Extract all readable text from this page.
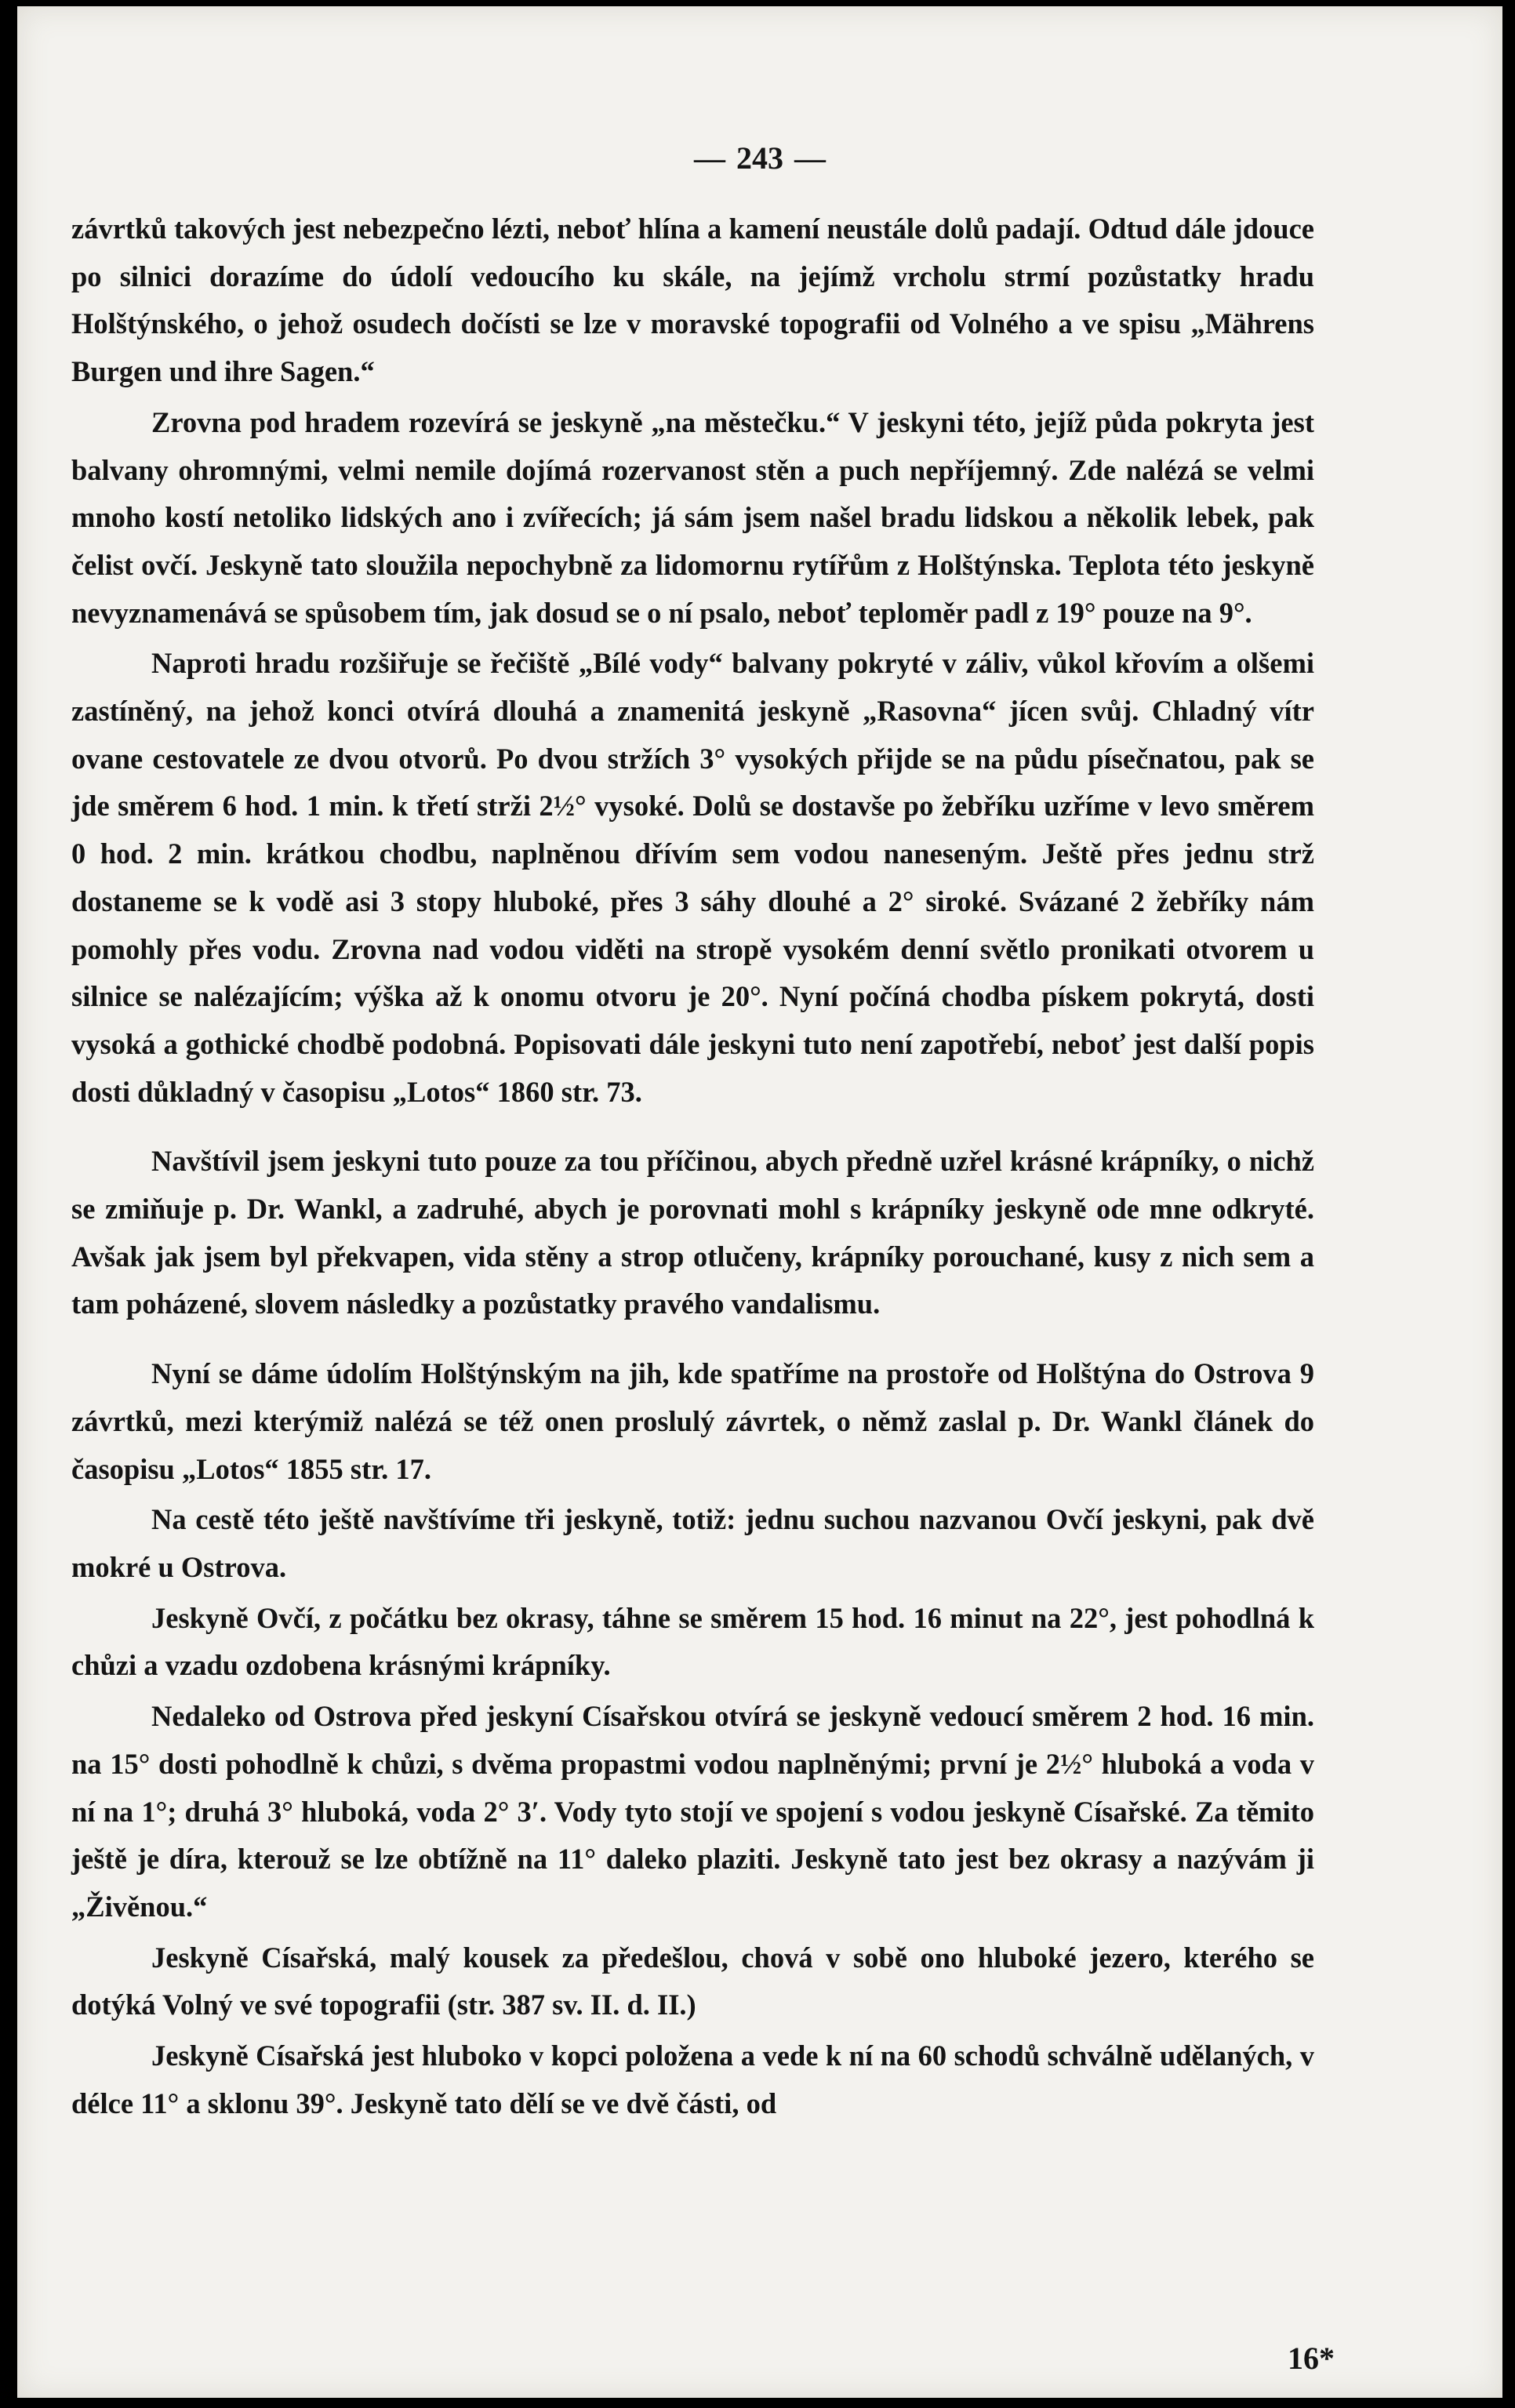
— 243 —

závrtků takových jest nebezpečno lézti, neboť hlína a kamení neustále dolů padají. Odtud dále jdouce po silnici dorazíme do údolí vedoucího ku skále, na jejímž vrcholu strmí pozůstatky hradu Holštýnského, o jehož osudech dočísti se lze v moravské topografii od Volného a ve spisu „Mährens Burgen und ihre Sagen.“

Zrovna pod hradem rozevírá se jeskyně „na městečku.“ V jeskyni této, jejíž půda pokryta jest balvany ohromnými, velmi nemile dojímá rozervanost stěn a puch nepříjemný. Zde nalézá se velmi mnoho kostí netoliko lidských ano i zvířecích; já sám jsem našel bradu lidskou a několik lebek, pak čelist ovčí. Jeskyně tato sloužila nepochybně za lidomornu rytířům z Holštýnska. Teplota této jeskyně nevyznamenává se spůsobem tím, jak dosud se o ní psalo, neboť teploměr padl z 19° pouze na 9°.

Naproti hradu rozšiřuje se řečiště „Bílé vody“ balvany pokryté v záliv, vůkol křovím a olšemi zastíněný, na jehož konci otvírá dlouhá a znamenitá jeskyně „Rasovna“ jícen svůj. Chladný vítr ovane cestovatele ze dvou otvorů. Po dvou stržích 3° vysokých přijde se na půdu písečnatou, pak se jde směrem 6 hod. 1 min. k třetí strži 2½° vysoké. Dolů se dostavše po žebříku uzříme v levo směrem 0 hod. 2 min. krátkou chodbu, naplněnou dřívím sem vodou naneseným. Ještě přes jednu strž dostaneme se k vodě asi 3 stopy hluboké, přes 3 sáhy dlouhé a 2° siroké. Svázané 2 žebříky nám pomohly přes vodu. Zrovna nad vodou viděti na stropě vysokém denní světlo pronikati otvorem u silnice se nalézajícím; výška až k onomu otvoru je 20°. Nyní počíná chodba pískem pokrytá, dosti vysoká a gothické chodbě podobná. Popisovati dále jeskyni tuto není zapotřebí, neboť jest další popis dosti důkladný v časopisu „Lotos“ 1860 str. 73.

Navštívil jsem jeskyni tuto pouze za tou příčinou, abych předně uzřel krásné krápníky, o nichž se zmiňuje p. Dr. Wankl, a zadruhé, abych je porovnati mohl s krápníky jeskyně ode mne odkryté. Avšak jak jsem byl překvapen, vida stěny a strop otlučeny, krápníky porouchané, kusy z nich sem a tam poházené, slovem následky a pozůstatky pravého vandalismu.

Nyní se dáme údolím Holštýnským na jih, kde spatříme na prostoře od Holštýna do Ostrova 9 závrtků, mezi kterýmiž nalézá se též onen proslulý závrtek, o němž zaslal p. Dr. Wankl článek do časopisu „Lotos“ 1855 str. 17.

Na cestě této ještě navštívíme tři jeskyně, totiž: jednu suchou nazvanou Ovčí jeskyni, pak dvě mokré u Ostrova.

Jeskyně Ovčí, z počátku bez okrasy, táhne se směrem 15 hod. 16 minut na 22°, jest pohodlná k chůzi a vzadu ozdobena krásnými krápníky.

Nedaleko od Ostrova před jeskyní Císařskou otvírá se jeskyně vedoucí směrem 2 hod. 16 min. na 15° dosti pohodlně k chůzi, s dvěma propastmi vodou naplněnými; první je 2½° hluboká a voda v ní na 1°; druhá 3° hluboká, voda 2° 3′. Vody tyto stojí ve spojení s vodou jeskyně Císařské. Za těmito ještě je díra, kterouž se lze obtížně na 11° daleko plaziti. Jeskyně tato jest bez okrasy a nazývám ji „Živěnou.“

Jeskyně Císařská, malý kousek za předešlou, chová v sobě ono hluboké jezero, kterého se dotýká Volný ve své topografii (str. 387 sv. II. d. II.)

Jeskyně Císařská jest hluboko v kopci položena a vede k ní na 60 schodů schválně udělaných, v délce 11° a sklonu 39°. Jeskyně tato dělí se ve dvě části, od

16*
